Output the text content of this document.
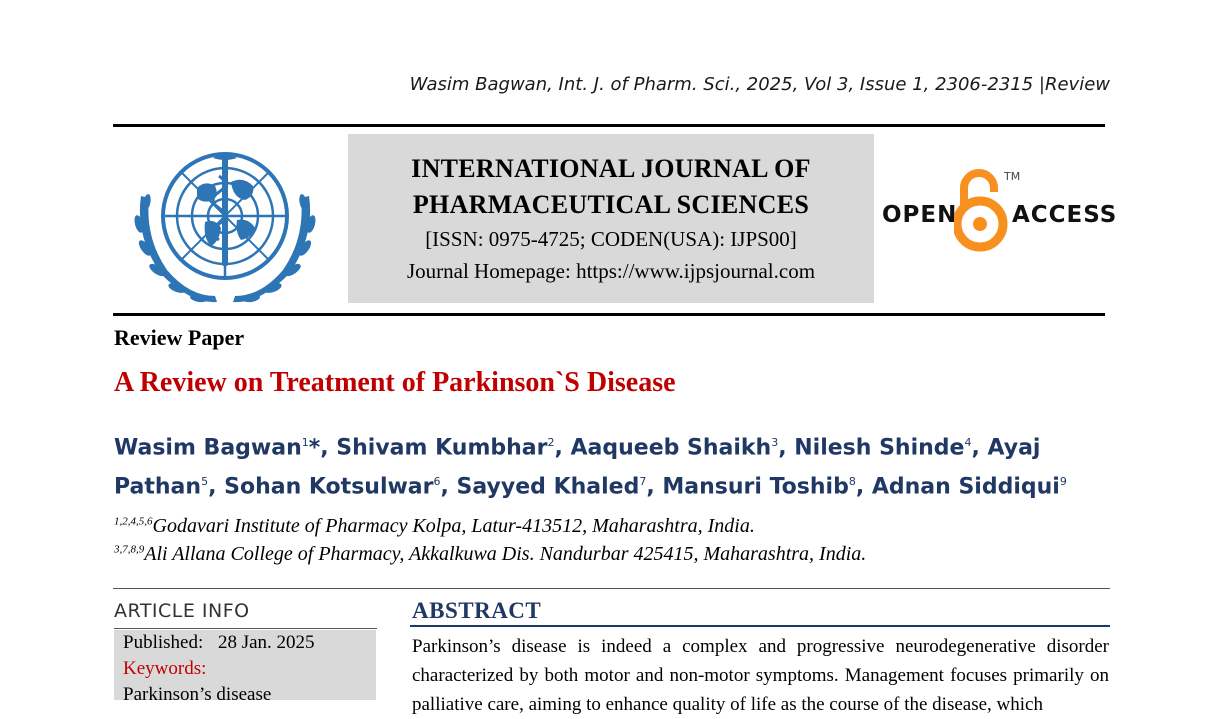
Wasim Bagwan, Int. J. of Pharm. Sci., 2025, Vol 3, Issue 1, 2306-2315 |Review
INTERNATIONAL JOURNAL OF
PHARMACEUTICAL SCIENCES
[ISSN: 0975-4725; CODEN(USA): IJPS00]
Journal Homepage: https://www.ijpsjournal.com
OPEN
TM
ACCESS
Review Paper
A Review on Treatment of Parkinson`S Disease
Wasim Bagwan$^1$*, Shivam Kumbhar$^2$, Aaqueeb Shaikh$^3$, Nilesh Shinde$^4$, Ayaj Pathan$^5$, Sohan Kotsulwar$^6$, Sayyed Khaled$^7$, Mansuri Toshib$^8$, Adnan Siddiqui$^9$
$^{1,2,4,5,6}$Godavari Institute of Pharmacy Kolpa, Latur-413512, Maharashtra, India.
$^{3,7,8,9}$Ali Allana College of Pharmacy, Akkalkuwa Dis. Nandurbar 425415, Maharashtra, India.
ARTICLE INFO
Published: 28 Jan. 2025
Keywords:
Parkinson’s disease
ABSTRACT
Parkinson’s disease is indeed a complex and progressive neurodegenerative disorder characterized by both motor and non-motor symptoms. Management focuses primarily on palliative care, aiming to enhance quality of life as the course of the disease, which
